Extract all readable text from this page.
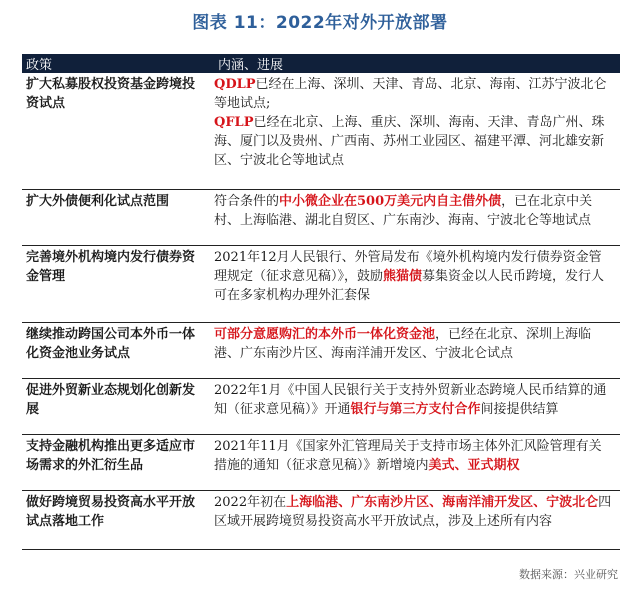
图表 11：2022年对外开放部署
政策	内涵、进展
扩大私募股权投资基金跨境投资试点
QDLP已经在上海、深圳、天津、青岛、北京、海南、江苏宁波北仑等地试点;
QFLP已经在北京、上海、重庆、深圳、海南、天津、青岛广州、珠海、厦门以及贵州、广西南、苏州工业园区、福建平潭、河北雄安新区、宁波北仑等地试点
扩大外债便利化试点范围	符合条件的中小微企业在500万美元内自主借外债，已在北京中关村、上海临港、湖北自贸区、广东南沙、海南、宁波北仑等地试点
完善境外机构境内发行债券资金管理
2021年12月人民银行、外管局发布《境外机构境内发行债券资金管理规定（征求意见稿）》，鼓励熊猫债募集资金以人民币跨境，发行人可在多家机构办理外汇套保
继续推动跨国公司本外币一体化资金池业务试点
可部分意愿购汇的本外币一体化资金池，已经在北京、深圳上海临港、广东南沙片区、海南洋浦开发区、宁波北仑试点
促进外贸新业态规划化创新发展
2022年1月《中国人民银行关于支持外贸新业态跨境人民币结算的通知（征求意见稿）》开通银行与第三方支付合作间接提供结算
支持金融机构推出更多适应市场需求的外汇衍生品
2021年11月《国家外汇管理局关于支持市场主体外汇风险管理有关措施的通知（征求意见稿）》新增境内美式、亚式期权
做好跨境贸易投资高水平开放试点落地工作
2022年初在上海临港、广东南沙片区、海南洋浦开发区、宁波北仑四区域开展跨境贸易投资高水平开放试点，涉及上述所有内容
数据来源：兴业研究
